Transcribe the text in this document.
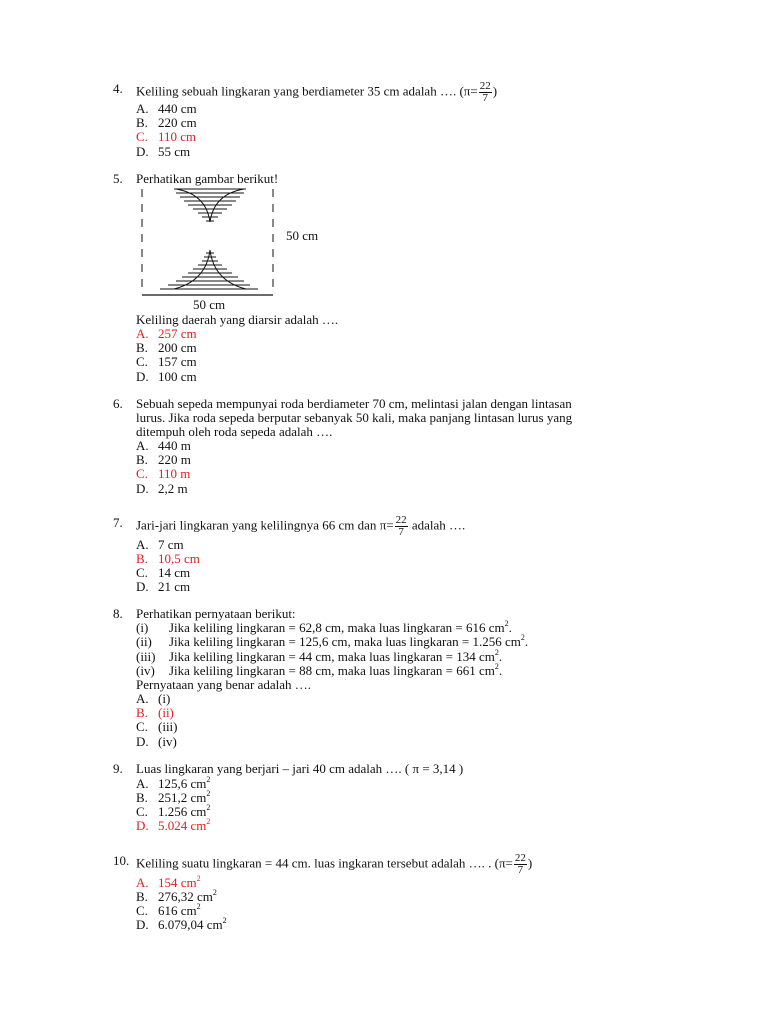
4. Keliling sebuah lingkaran yang berdiameter 35 cm adalah …. ($\pi= \frac{22}{7}$ )
A. 440 cm
B. 220 cm
C. 110 cm
D. 55 cm
5. Perhatikan gambar berikut!
50 cm
50 cm
Keliling daerah yang diarsir adalah ….
A. 257 cm
B. 200 cm
C. 157 cm
D. 100 cm
6. Sebuah sepeda mempunyai roda berdiameter 70 cm, melintasi jalan dengan lintasan
lurus. Jika roda sepeda berputar sebanyak 50 kali, maka panjang lintasan lurus yang
ditempuh oleh roda sepeda adalah ….
A. 440 m
B. 220 m
C. 110 m
D. 2,2 m
7. Jari-jari lingkaran yang kelilingnya 66 cm dan $\pi= \frac{22}{7}$ adalah ….
A. 7 cm
B. 10,5 cm
C. 14 cm
D. 21 cm
8. Perhatikan pernyataan berikut:
(i) Jika keliling lingkaran = 62,8 cm, maka luas lingkaran = 616 $cm^2$.
(ii) Jika keliling lingkaran = 125,6 cm, maka luas lingkaran = 1.256 $cm^2$.
(iii) Jika keliling lingkaran = 44 cm, maka luas lingkaran = 134 $cm^2$.
(iv) Jika keliling lingkaran = 88 cm, maka luas lingkaran = 661 $cm^2$.
Pernyataan yang benar adalah ….
A. (i)
B. (ii)
C. (iii)
D. (iv)
9. Luas lingkaran yang berjari – jari 40 cm adalah …. ( π = 3,14 )
A. 125,6 $cm^2$
B. 251,2 $cm^2$
C. 1.256 $cm^2$
D. 5.024 $cm^2$
10. Keliling suatu lingkaran = 44 cm. luas ingkaran tersebut adalah …. . ($\pi= \frac{22}{7}$ )
A. 154 $cm^2$
B. 276,32 $cm^2$
C. 616 $cm^2$
D. 6.079,04 $cm^2$
